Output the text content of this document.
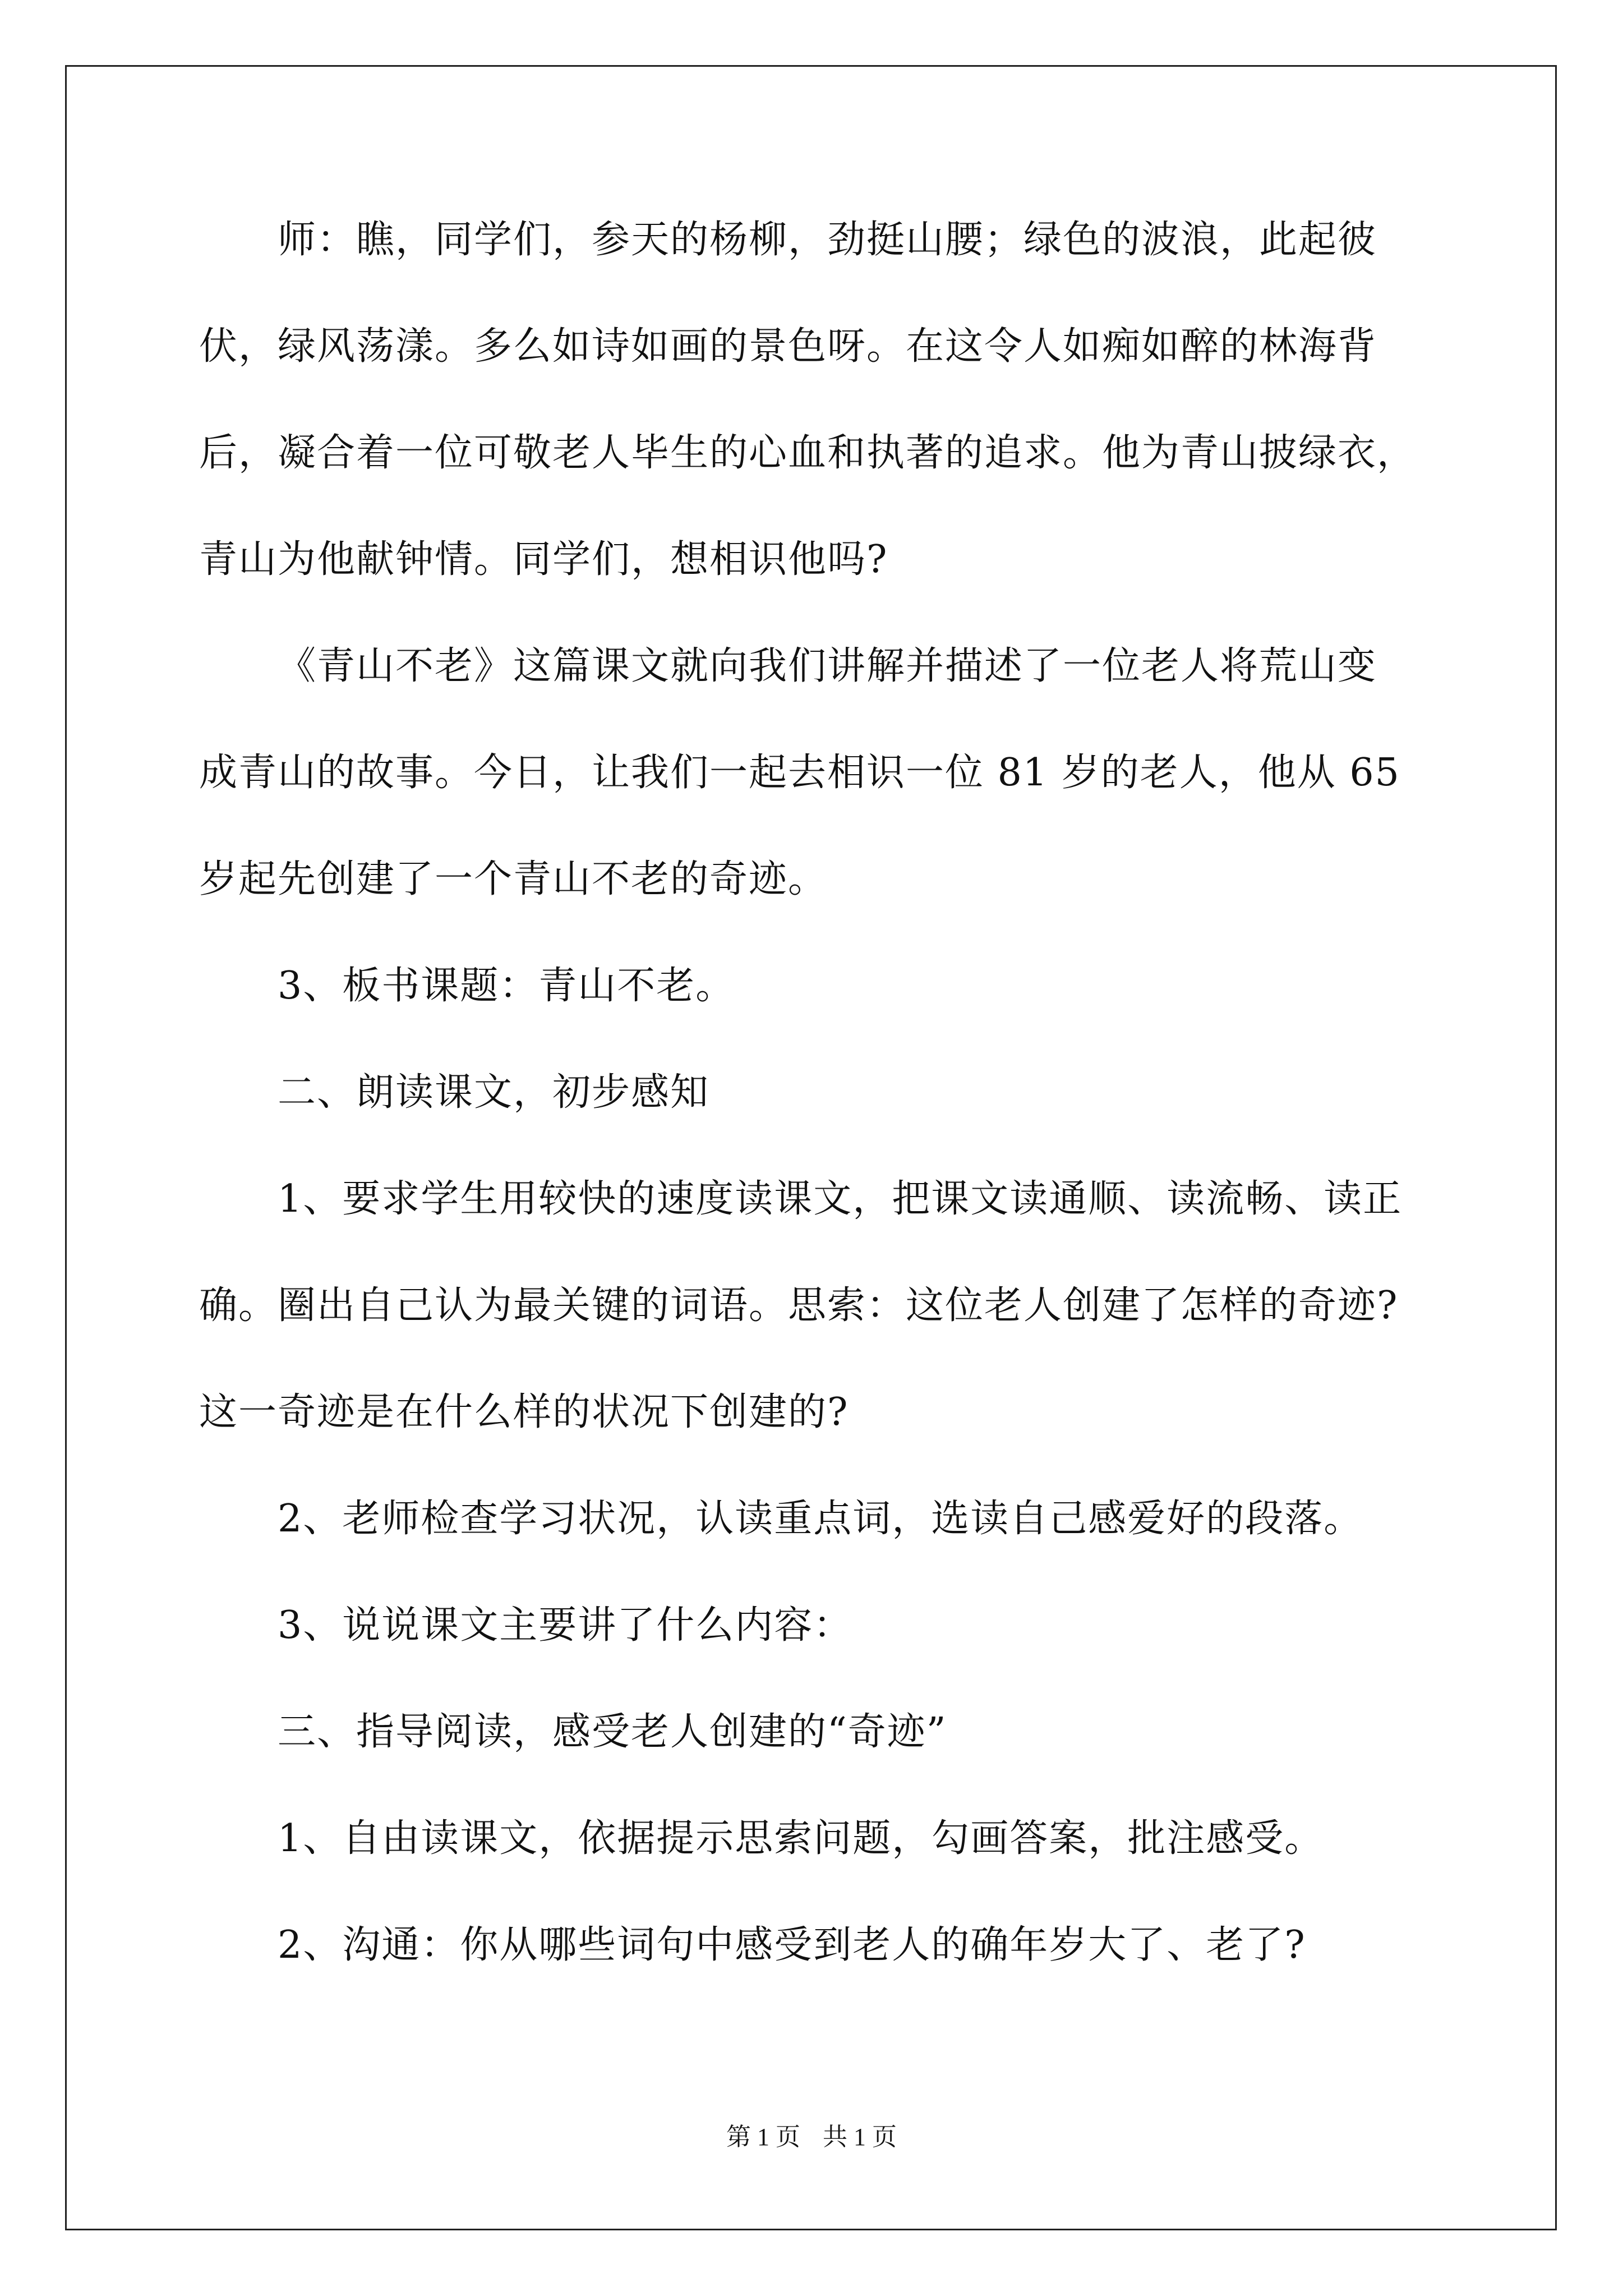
师：瞧，同学们，参天的杨柳，劲挺山腰；绿色的波浪，此起彼
伏，绿风荡漾。多么如诗如画的景色呀。在这令人如痴如醉的林海背
后，凝合着一位可敬老人毕生的心血和执著的追求。他为青山披绿衣，
青山为他献钟情。同学们，想相识他吗?
《青山不老》这篇课文就向我们讲解并描述了一位老人将荒山变
成青山的故事。今日，让我们一起去相识一位 81 岁的老人，他从 65
岁起先创建了一个青山不老的奇迹。
3、板书课题：青山不老。
二、朗读课文，初步感知
1、要求学生用较快的速度读课文，把课文读通顺、读流畅、读正
确。圈出自己认为最关键的词语。思索：这位老人创建了怎样的奇迹?
这一奇迹是在什么样的状况下创建的?
2、老师检查学习状况，认读重点词，选读自己感爱好的段落。
3、说说课文主要讲了什么内容：
三、指导阅读，感受老人创建的“奇迹”
1、自由读课文，依据提示思索问题，勾画答案，批注感受。
2、沟通：你从哪些词句中感受到老人的确年岁大了、老了?
第 1 页 共 1 页
